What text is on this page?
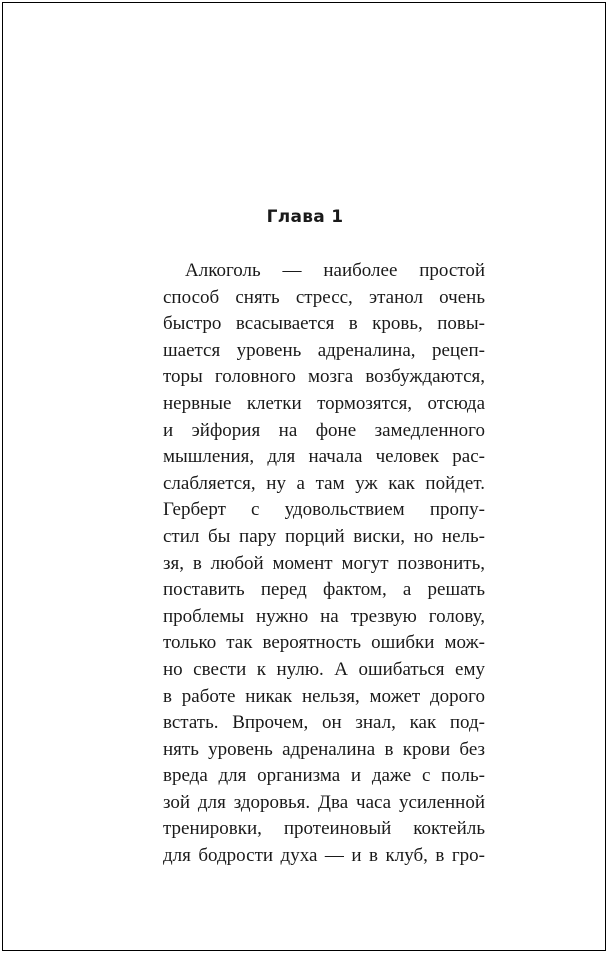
Глава 1
Алкоголь — наиболее простой
способ снять стресс, этанол очень
быстро всасывается в кровь, повы-
шается уровень адреналина, рецеп-
торы головного мозга возбуждаются,
нервные клетки тормозятся, отсюда
и эйфория на фоне замедленного
мышления, для начала человек рас-
слабляется, ну а там уж как пойдет.
Герберт с удовольствием пропу-
стил бы пару порций виски, но нель-
зя, в любой момент могут позвонить,
поставить перед фактом, а решать
проблемы нужно на трезвую голову,
только так вероятность ошибки мож-
но свести к нулю. А ошибаться ему
в работе никак нельзя, может дорого
встать. Впрочем, он знал, как под-
нять уровень адреналина в крови без
вреда для организма и даже с поль-
зой для здоровья. Два часа усиленной
тренировки, протеиновый коктейль
для бодрости духа — и в клуб, в гро-
